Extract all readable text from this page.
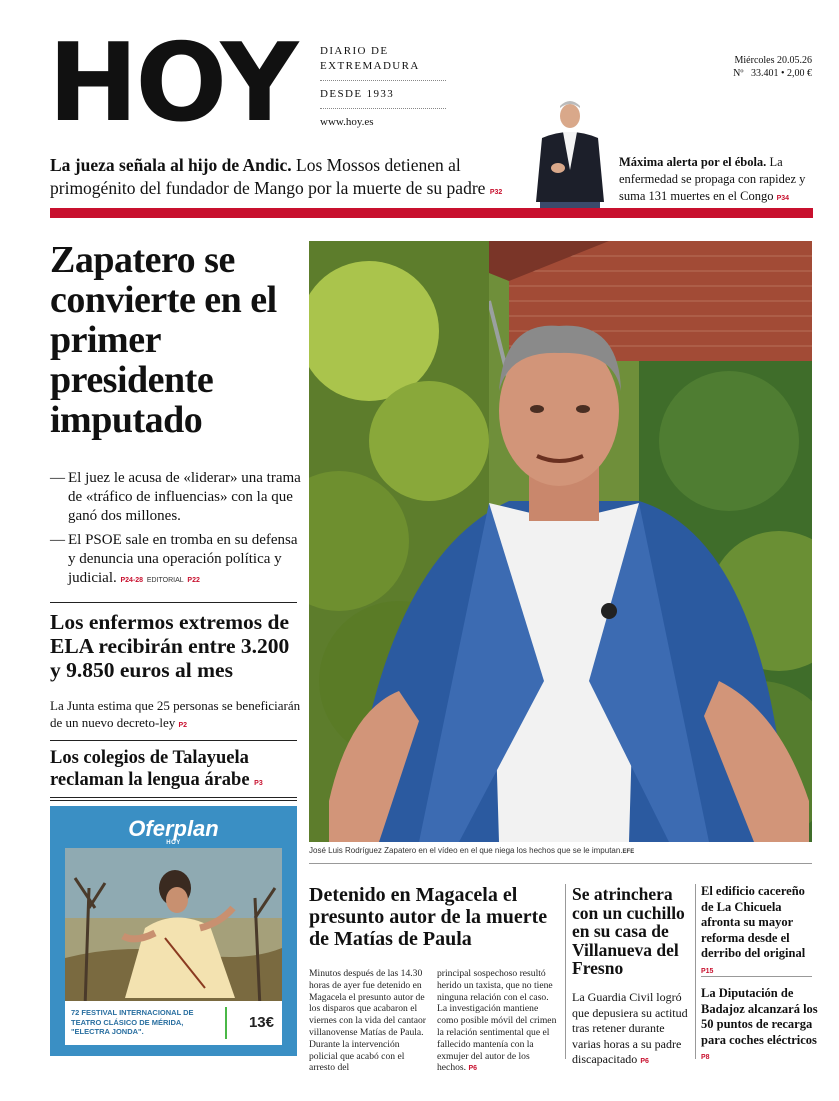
HOY DIARIO DE
EXTREMADURA
DESDE 1933
www.hoy.es
Miércoles 20.05.26
Nº   33.401 • 2,00 €
La jueza señala al hijo de Andic. Los Mossos detienen al primogénito del fundador de Mango por la muerte de su padre P32
Máxima alerta por el ébola. La enfermedad se propaga con rapidez y suma 131 muertes en el Congo P34
Zapatero se convierte en el primer presidente imputado
— El juez le acusa de «liderar» una trama de «tráfico de influencias» con la que ganó dos millones.
— El PSOE sale en tromba en su defensa y denuncia una operación política y judicial. P24-28 EDITORIAL P22
Los enfermos extremos de ELA recibirán entre 3.200 y 9.850 euros al mes
La Junta estima que 25 personas se beneficiarán de un nuevo decreto-ley P2
Los colegios de Talayuela reclaman la lengua árabe P3
Oferplan
HOY
72 FESTIVAL INTERNACIONAL DE TEATRO CLÁSICO DE MÉRIDA, "ELECTRA JONDA".
13€
José Luis Rodríguez Zapatero en el vídeo en el que niega los hechos que se le imputan.EFE
Detenido en Magacela el presunto autor de la muerte de Matías de Paula
Minutos después de las 14.30 horas de ayer fue detenido en Magacela el presunto autor de los disparos que acabaron el viernes con la vida del cantaor villanovense Matías de Paula. Durante la intervención policial que acabó con el arresto del
principal sospechoso resultó herido un taxista, que no tiene ninguna relación con el caso. La investigación mantiene como posible móvil del crimen la relación sentimental que el fallecido mantenía con la exmujer del autor de los hechos. P6
Se atrinchera con un cuchillo en su casa de Villanueva del Fresno
La Guardia Civil logró que depusiera su actitud tras retener durante varias horas a su padre discapacitado P6
El edificio cacereño de La Chicuela afronta su mayor reforma desde el derribo del original P15
La Diputación de Badajoz alcanzará los 50 puntos de recarga para coches eléctricos P8
